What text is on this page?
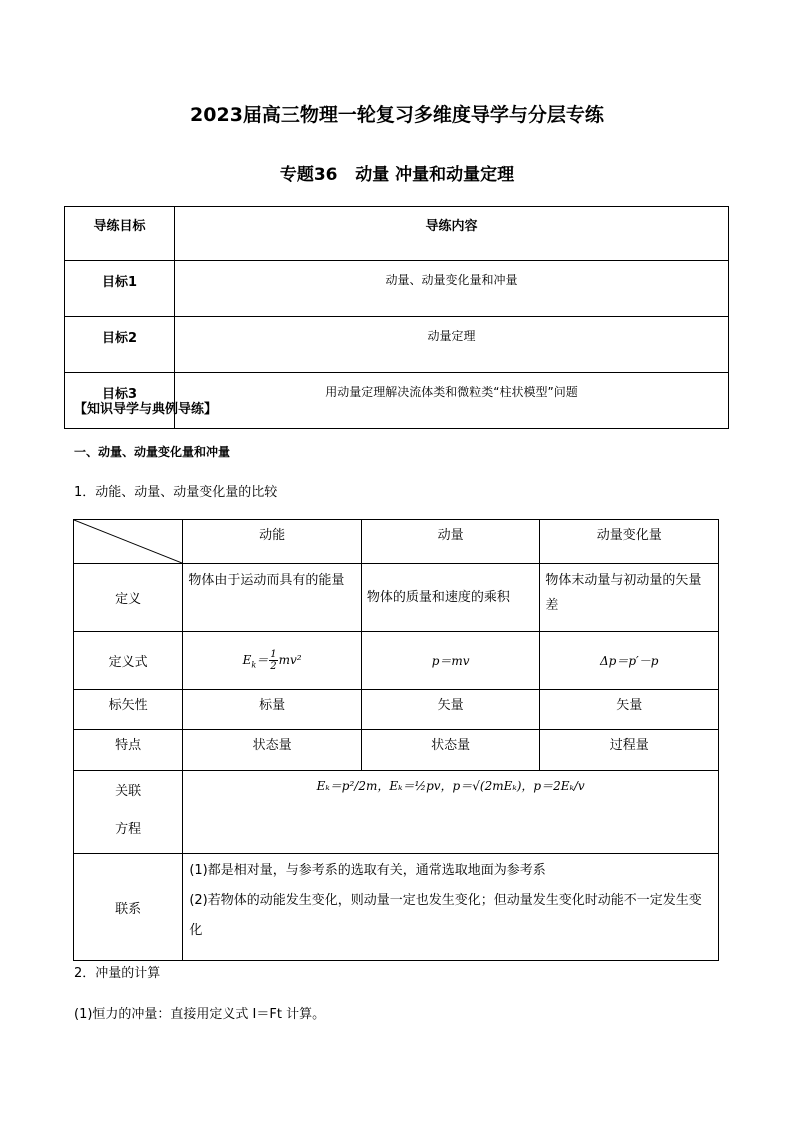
2023届高三物理一轮复习多维度导学与分层专练
专题36   动量 冲量和动量定理
导练目标	导练内容
目标1	动量、动量变化量和冲量
目标2	动量定理
目标3	用动量定理解决流体类和微粒类“柱状模型”问题
【知识导学与典例导练】
一、动量、动量变化量和冲量
1．动能、动量、动量变化量的比较
	动能	动量	动量变化量
定义	物体由于运动而具有的能量	物体的质量和速度的乘积	物体末动量与初动量的矢量差
定义式	$E_k= \frac{1}{2} mv^2$	p＝mv	Δp＝p′－p
标矢性	标量	矢量	矢量
特点	状态量	状态量	过程量

关联
方程	Eₖ＝p²/2m，Eₖ＝½pv，p＝√(2mEₖ)，p＝2Eₖ/v		
联系	(1)都是相对量，与参考系的选取有关，通常选取地面为参考系
(2)若物体的动能发生变化，则动量一定也发生变化；但动量发生变化时动能不一定发生变化		
2．冲量的计算
(1)恒力的冲量：直接用定义式 I＝Ft 计算。
